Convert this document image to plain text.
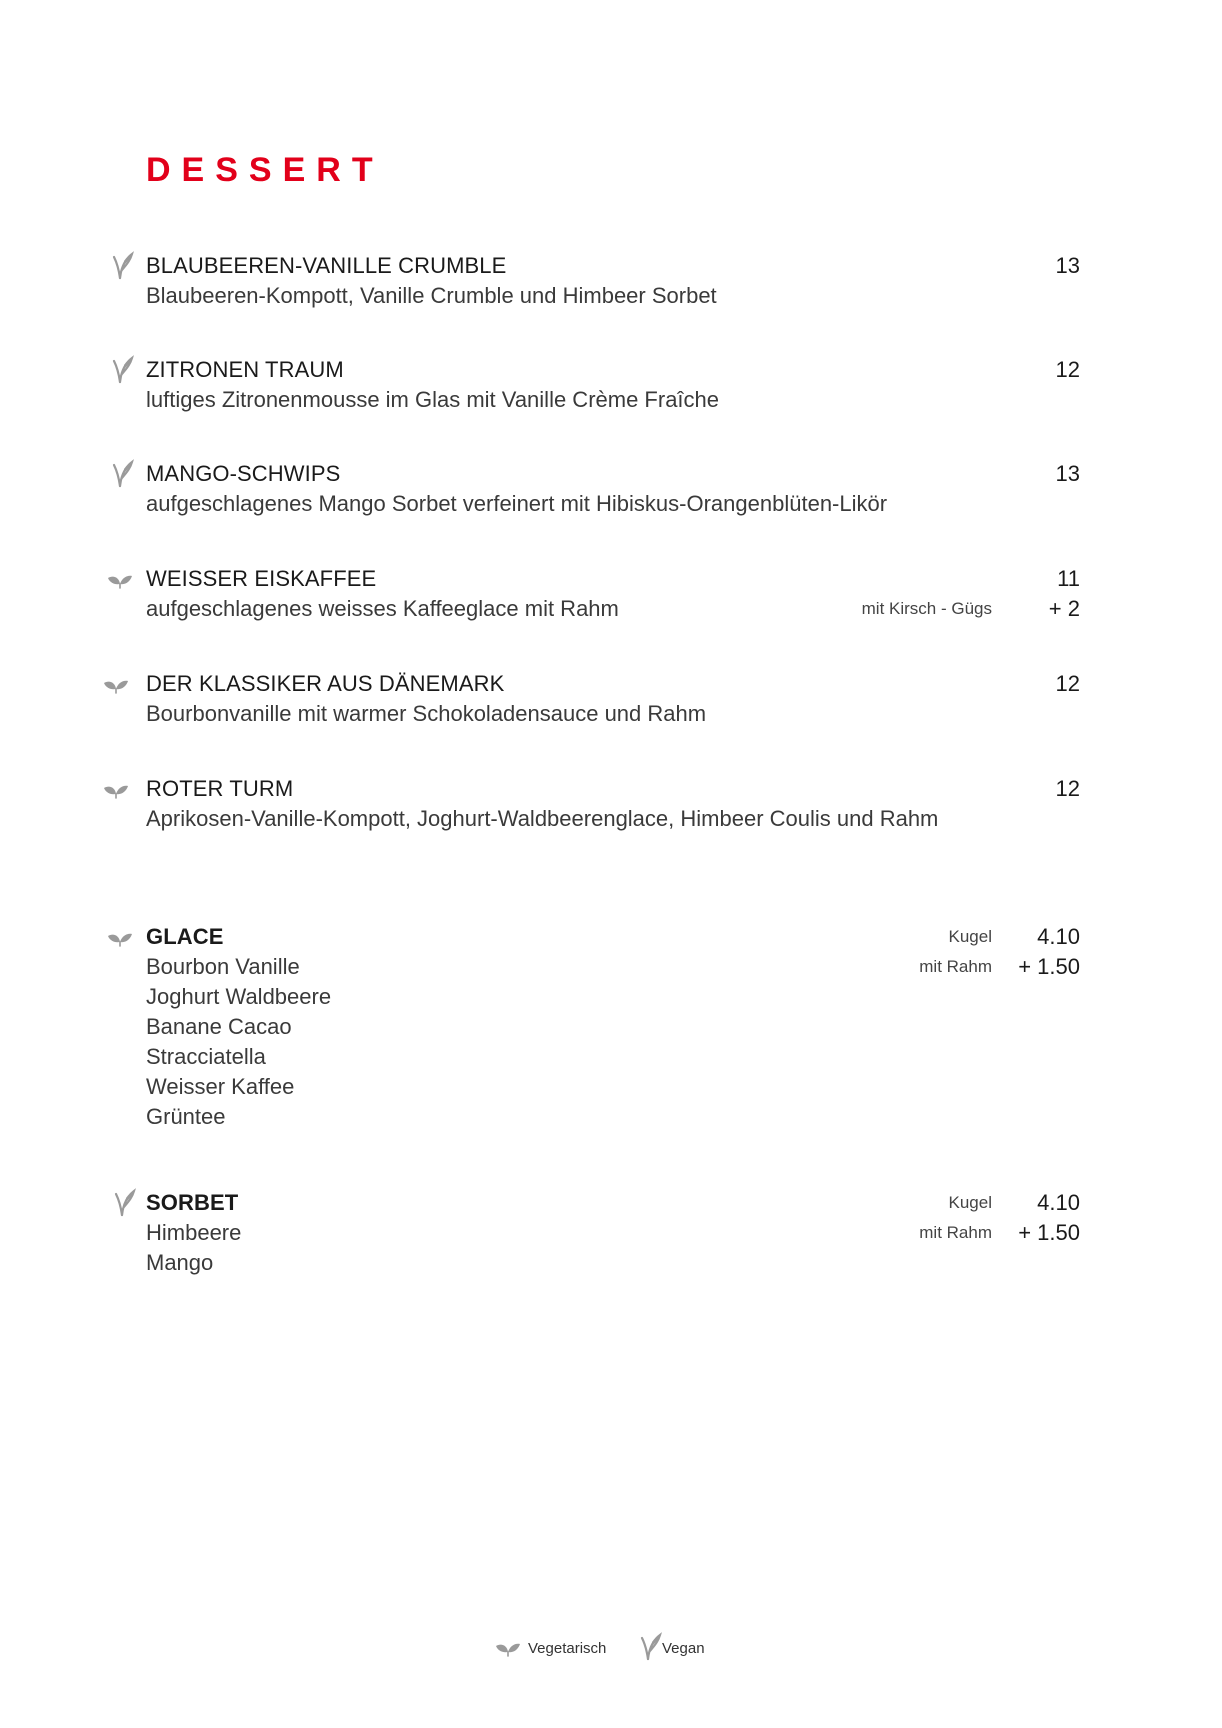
DESSERT
BLAUBEEREN-VANILLE CRUMBLE	13
Blaubeeren-Kompott, Vanille Crumble und Himbeer Sorbet
ZITRONEN TRAUM	12
luftiges Zitronenmousse im Glas mit Vanille Crème Fraîche
MANGO-SCHWIPS	13
aufgeschlagenes Mango Sorbet verfeinert mit Hibiskus-Orangenblüten-Likör
WEISSER EISKAFFEE	11
aufgeschlagenes weisses Kaffeeglace mit Rahm	mit Kirsch - Gügs	+ 2
DER KLASSIKER AUS DÄNEMARK	12
Bourbonvanille mit warmer Schokoladensauce und Rahm
ROTER TURM	12
Aprikosen-Vanille-Kompott, Joghurt-Waldbeerenglace, Himbeer Coulis und Rahm
GLACE	Kugel 4.10
mit Rahm + 1.50
Bourbon Vanille
Joghurt Waldbeere
Banane Cacao
Stracciatella
Weisser Kaffee
Grüntee
SORBET	Kugel 4.10
mit Rahm + 1.50
Himbeere
Mango
Vegetarisch	Vegan
